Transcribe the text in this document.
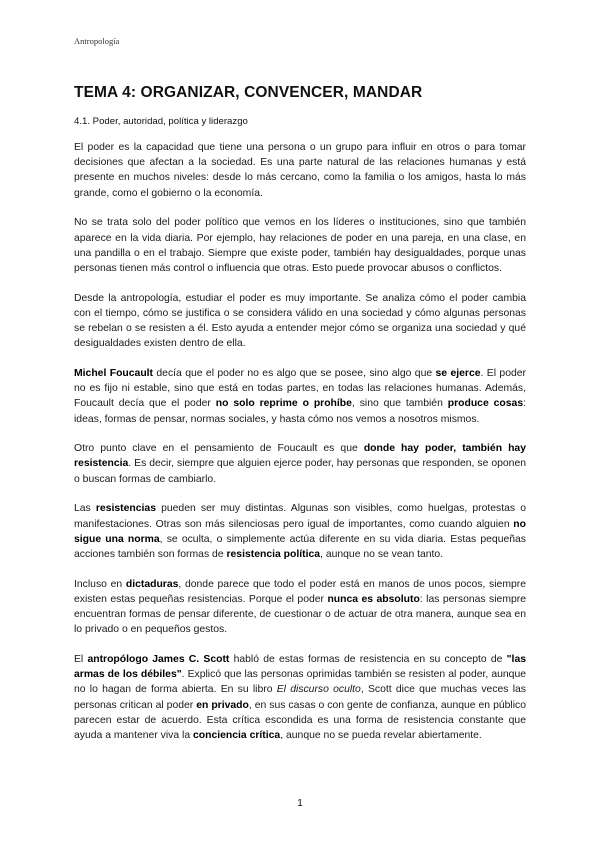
Antropología
TEMA 4: ORGANIZAR, CONVENCER, MANDAR
4.1. Poder, autoridad, política y liderazgo

El poder es la capacidad que tiene una persona o un grupo para influir en otros o para tomar decisiones que afectan a la sociedad. Es una parte natural de las relaciones humanas y está presente en muchos niveles: desde lo más cercano, como la familia o los amigos, hasta lo más grande, como el gobierno o la economía.

No se trata solo del poder político que vemos en los líderes o instituciones, sino que también aparece en la vida diaria. Por ejemplo, hay relaciones de poder en una pareja, en una clase, en una pandilla o en el trabajo. Siempre que existe poder, también hay desigualdades, porque unas personas tienen más control o influencia que otras. Esto puede provocar abusos o conflictos.

Desde la antropología, estudiar el poder es muy importante. Se analiza cómo el poder cambia con el tiempo, cómo se justifica o se considera válido en una sociedad y cómo algunas personas se rebelan o se resisten a él. Esto ayuda a entender mejor cómo se organiza una sociedad y qué desigualdades existen dentro de ella.

Michel Foucault decía que el poder no es algo que se posee, sino algo que se ejerce. El poder no es fijo ni estable, sino que está en todas partes, en todas las relaciones humanas. Además, Foucault decía que el poder no solo reprime o prohíbe, sino que también produce cosas: ideas, formas de pensar, normas sociales, y hasta cómo nos vemos a nosotros mismos.

Otro punto clave en el pensamiento de Foucault es que donde hay poder, también hay resistencia. Es decir, siempre que alguien ejerce poder, hay personas que responden, se oponen o buscan formas de cambiarlo.

Las resistencias pueden ser muy distintas. Algunas son visibles, como huelgas, protestas o manifestaciones. Otras son más silenciosas pero igual de importantes, como cuando alguien no sigue una norma, se oculta, o simplemente actúa diferente en su vida diaria. Estas pequeñas acciones también son formas de resistencia política, aunque no se vean tanto.

Incluso en dictaduras, donde parece que todo el poder está en manos de unos pocos, siempre existen estas pequeñas resistencias. Porque el poder nunca es absoluto: las personas siempre encuentran formas de pensar diferente, de cuestionar o de actuar de otra manera, aunque sea en lo privado o en pequeños gestos.

El antropólogo James C. Scott habló de estas formas de resistencia en su concepto de "las armas de los débiles". Explicó que las personas oprimidas también se resisten al poder, aunque no lo hagan de forma abierta. En su libro El discurso oculto, Scott dice que muchas veces las personas critican al poder en privado, en sus casas o con gente de confianza, aunque en público parecen estar de acuerdo. Esta crítica escondida es una forma de resistencia constante que ayuda a mantener viva la conciencia crítica, aunque no se pueda revelar abiertamente.

1
